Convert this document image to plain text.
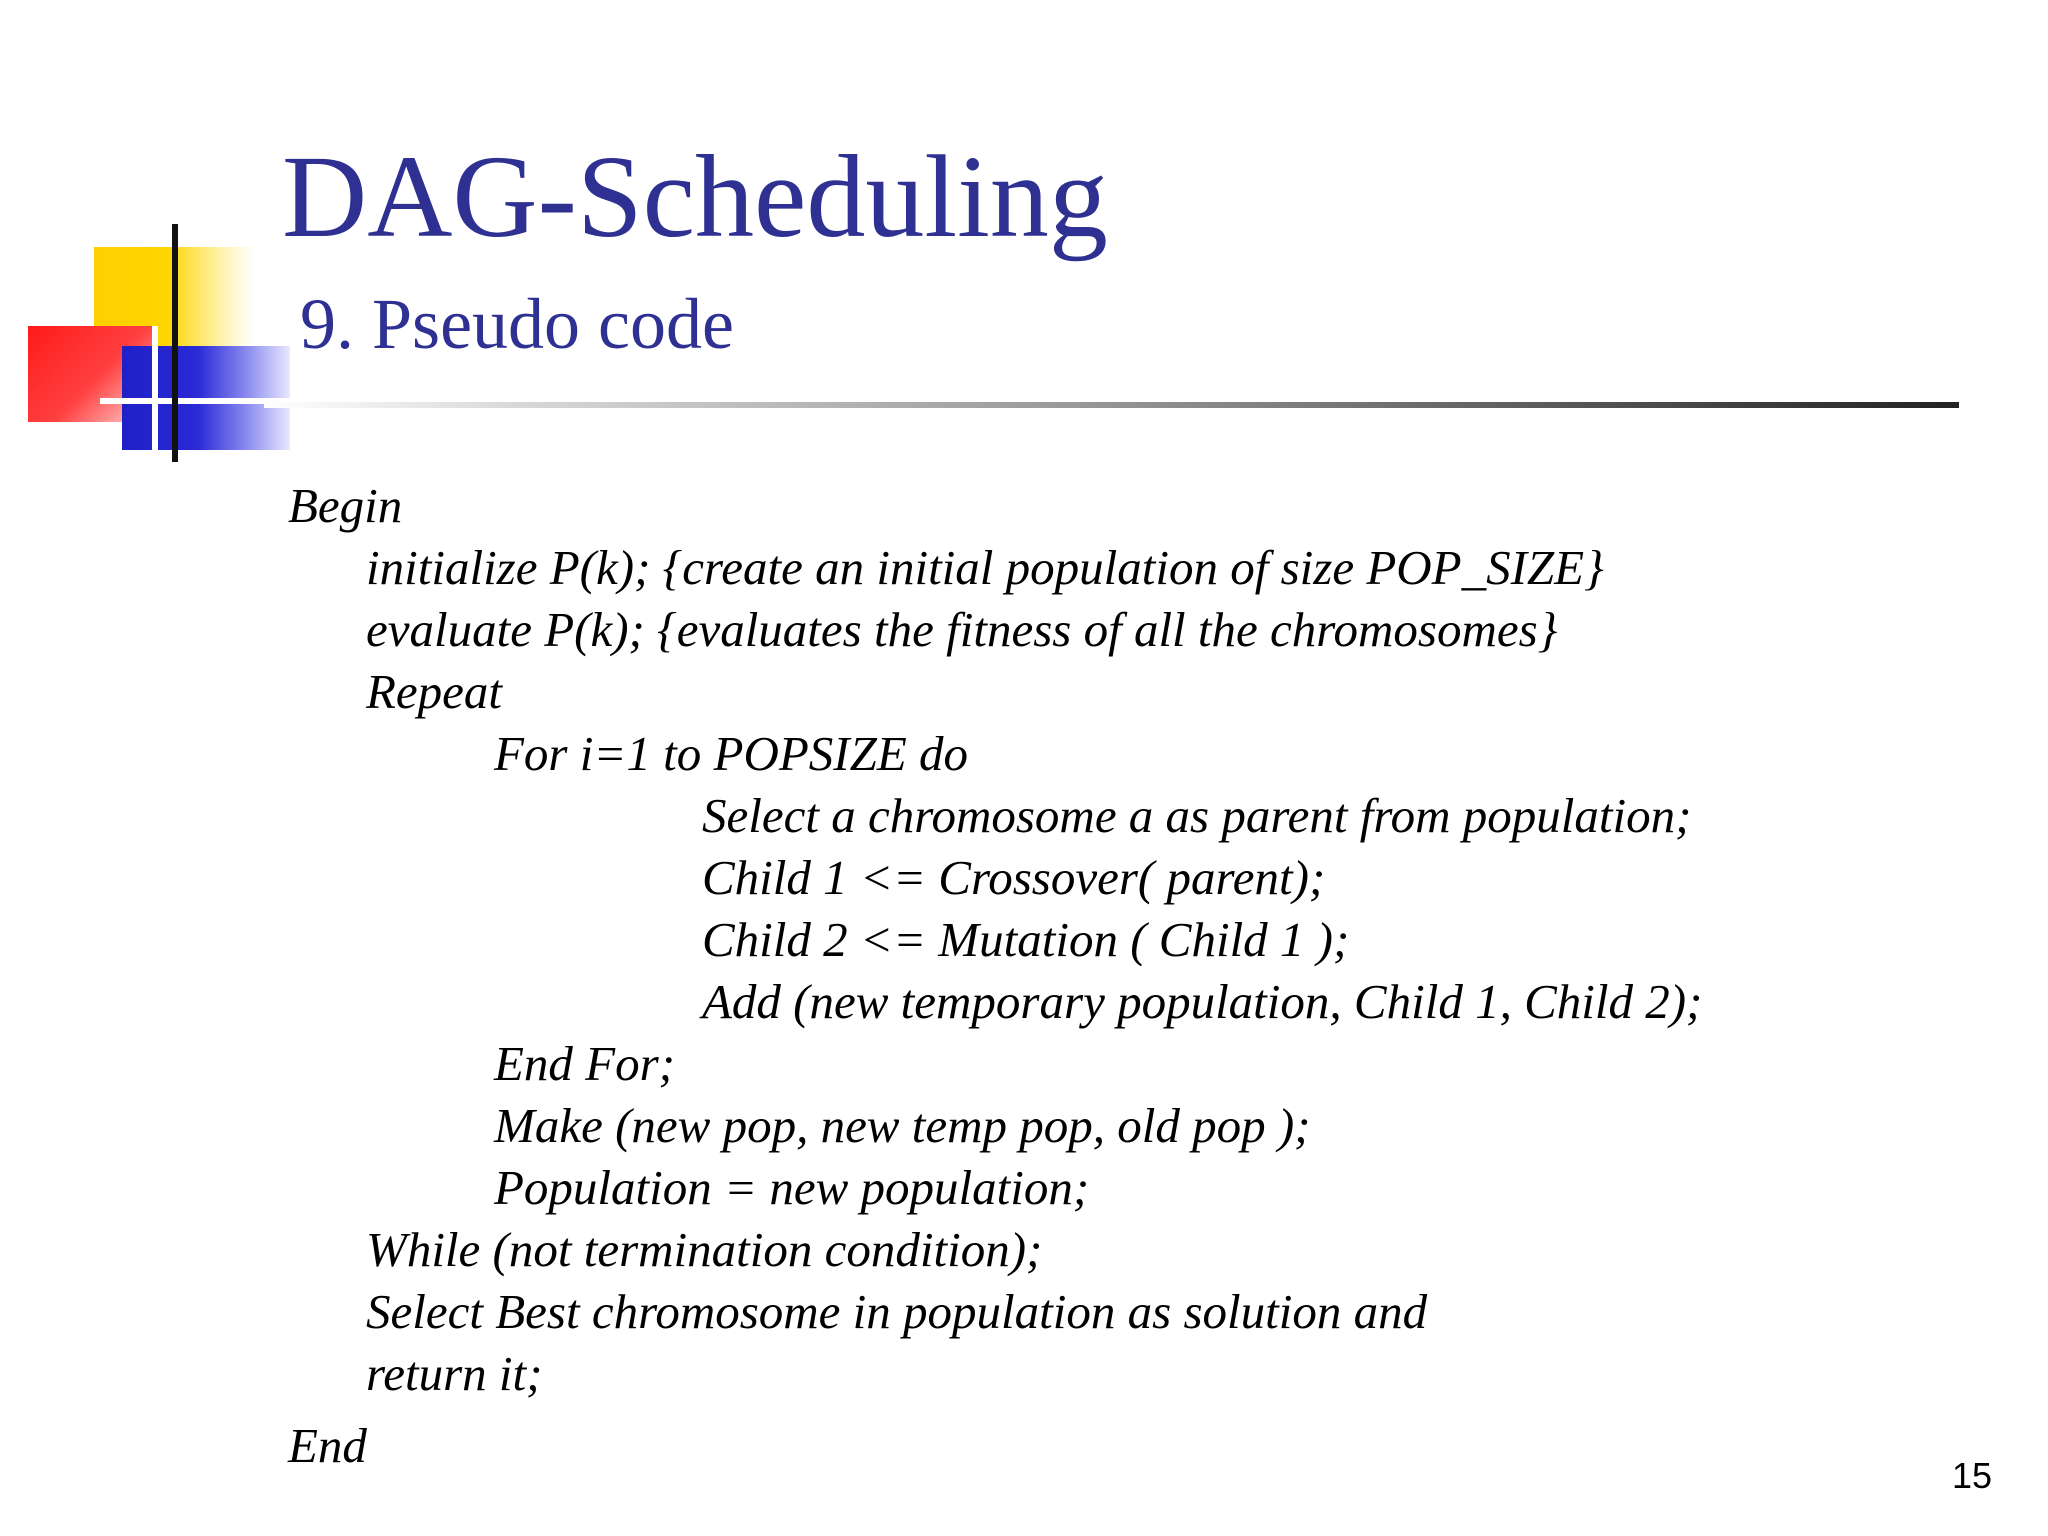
DAG-Scheduling
9. Pseudo code
Begin
initialize P(k); {create an initial population of size POP_SIZE}
evaluate P(k); {evaluates the fitness of all the chromosomes}
Repeat
For i=1 to POPSIZE do
Select a chromosome a as parent from population;
Child 1 <= Crossover( parent);
Child 2 <= Mutation ( Child 1 );
Add (new temporary population, Child 1, Child 2);
End For;
Make (new pop, new temp pop, old pop );
Population = new population;
While (not termination condition);
Select Best chromosome in population as solution and
return it;
End
15
